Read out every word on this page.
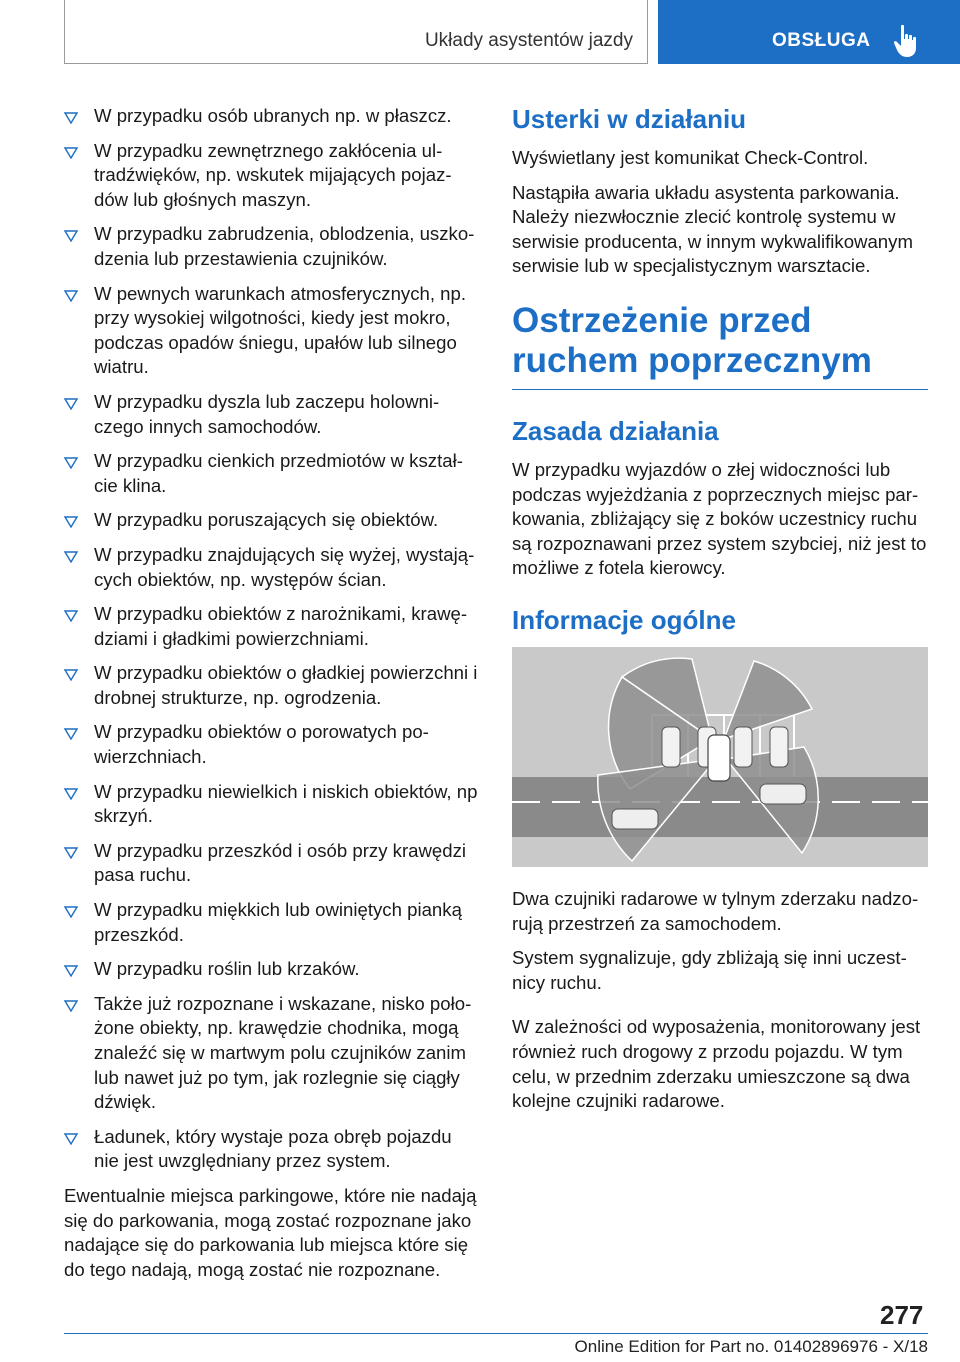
Układy asystentów jazdy	OBSŁUGA
W przypadku osób ubranych np. w płaszcz.
W przypadku zewnętrznego zakłócenia ultradźwięków, np. wskutek mijających pojazdów lub głośnych maszyn.
W przypadku zabrudzenia, oblodzenia, uszkodzenia lub przestawienia czujników.
W pewnych warunkach atmosferycznych, np. przy wysokiej wilgotności, kiedy jest mokro, podczas opadów śniegu, upałów lub silnego wiatru.
W przypadku dyszla lub zaczepu holowniczego innych samochodów.
W przypadku cienkich przedmiotów w kształcie klina.
W przypadku poruszających się obiektów.
W przypadku znajdujących się wyżej, wystających obiektów, np. występów ścian.
W przypadku obiektów z narożnikami, krawędziami i gładkimi powierzchniami.
W przypadku obiektów o gładkiej powierzchni i drobnej strukturze, np. ogrodzenia.
W przypadku obiektów o porowatych powierzchniach.
W przypadku niewielkich i niskich obiektów, np skrzyń.
W przypadku przeszkód i osób przy krawędzi pasa ruchu.
W przypadku miękkich lub owiniętych pianką przeszkód.
W przypadku roślin lub krzaków.
Także już rozpoznane i wskazane, nisko położone obiekty, np. krawędzie chodnika, mogą znaleźć się w martwym polu czujników zanim lub nawet już po tym, jak rozlegnie się ciągły dźwięk.
Ładunek, który wystaje poza obręb pojazdu nie jest uwzględniany przez system.

Ewentualnie miejsca parkingowe, które nie nadają się do parkowania, mogą zostać rozpoznane jako nadające się do parkowania lub miejsca które się do tego nadają, mogą zostać nie rozpoznane.

Usterki w działaniu

Wyświetlany jest komunikat Check-Control.

Nastąpiła awaria układu asystenta parkowania. Należy niezwłocznie zlecić kontrolę systemu w serwisie producenta, w innym wykwalifikowanym serwisie lub w specjalistycznym warsztacie.

Ostrzeżenie przed ruchem poprzecznym
Zasada działania

W przypadku wyjazdów o złej widoczności lub podczas wyjeżdżania z poprzecznych miejsc parkowania, zbliżający się z boków uczestnicy ruchu są rozpoznawani przez system szybciej, niż jest to możliwe z fotela kierowcy.

Informacje ogólne

Dwa czujniki radarowe w tylnym zderzaku nadzorują przestrzeń za samochodem.

System sygnalizuje, gdy zbliżają się inni uczestnicy ruchu.

W zależności od wyposażenia, monitorowany jest również ruch drogowy z przodu pojazdu. W tym celu, w przednim zderzaku umieszczone są dwa kolejne czujniki radarowe.

277
Online Edition for Part no. 01402896976 - X/18
